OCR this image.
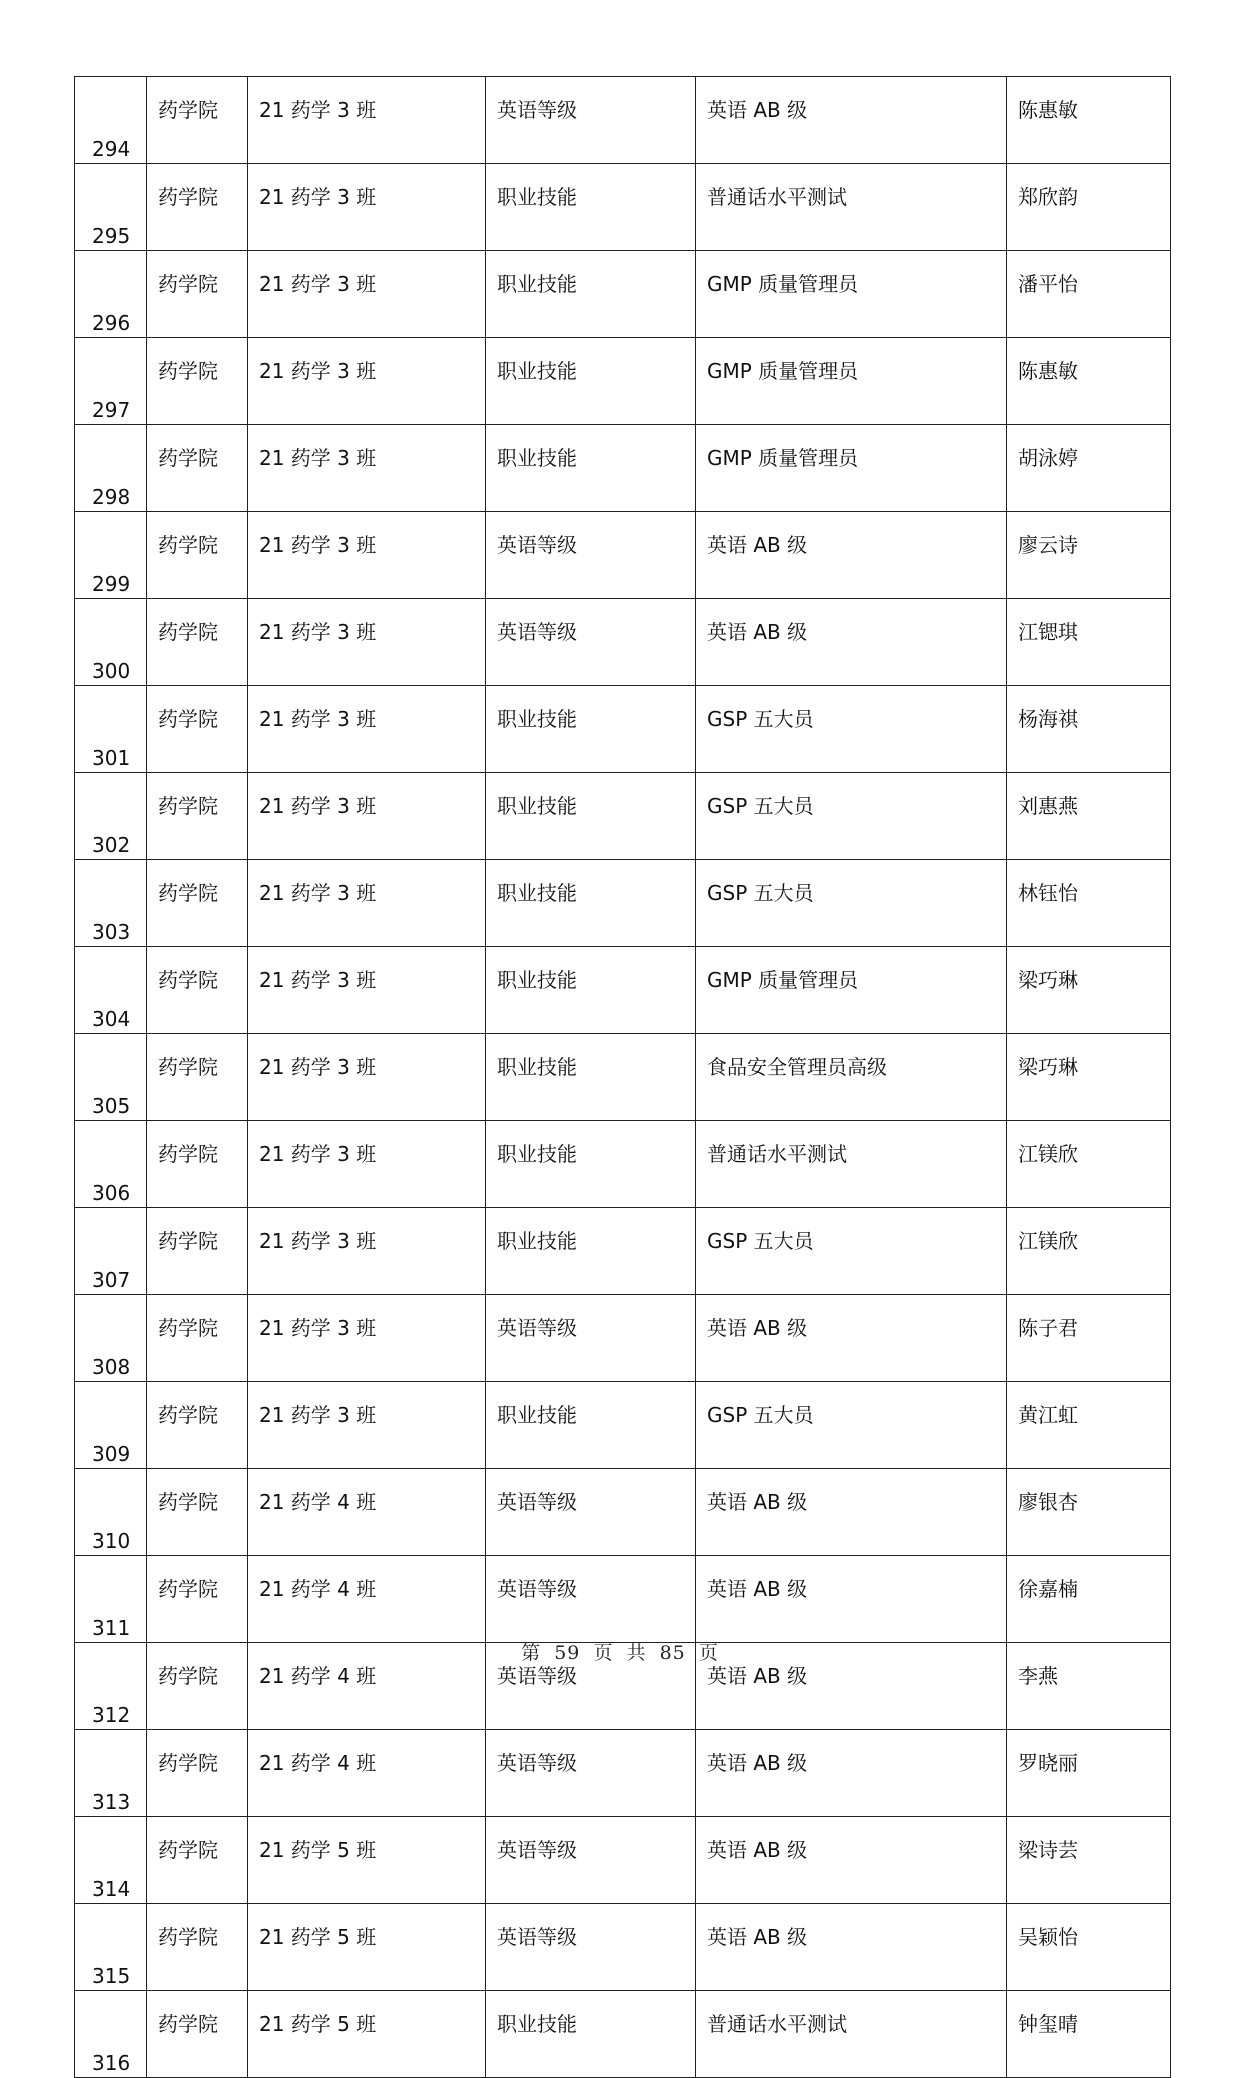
294	药学院	21 药学 3 班	英语等级	英语 AB 级	陈惠敏
295	药学院	21 药学 3 班	职业技能	普通话水平测试	郑欣韵
296	药学院	21 药学 3 班	职业技能	GMP 质量管理员	潘平怡
297	药学院	21 药学 3 班	职业技能	GMP 质量管理员	陈惠敏
298	药学院	21 药学 3 班	职业技能	GMP 质量管理员	胡泳婷
299	药学院	21 药学 3 班	英语等级	英语 AB 级	廖云诗
300	药学院	21 药学 3 班	英语等级	英语 AB 级	江锶琪
301	药学院	21 药学 3 班	职业技能	GSP 五大员	杨海祺
302	药学院	21 药学 3 班	职业技能	GSP 五大员	刘惠燕
303	药学院	21 药学 3 班	职业技能	GSP 五大员	林钰怡
304	药学院	21 药学 3 班	职业技能	GMP 质量管理员	梁巧琳
305	药学院	21 药学 3 班	职业技能	食品安全管理员高级	梁巧琳
306	药学院	21 药学 3 班	职业技能	普通话水平测试	江镁欣
307	药学院	21 药学 3 班	职业技能	GSP 五大员	江镁欣
308	药学院	21 药学 3 班	英语等级	英语 AB 级	陈子君
309	药学院	21 药学 3 班	职业技能	GSP 五大员	黄江虹
310	药学院	21 药学 4 班	英语等级	英语 AB 级	廖银杏
311	药学院	21 药学 4 班	英语等级	英语 AB 级	徐嘉楠
312	药学院	21 药学 4 班	英语等级	英语 AB 级	李燕
313	药学院	21 药学 4 班	英语等级	英语 AB 级	罗晓丽
314	药学院	21 药学 5 班	英语等级	英语 AB 级	梁诗芸
315	药学院	21 药学 5 班	英语等级	英语 AB 级	吴颖怡
316	药学院	21 药学 5 班	职业技能	普通话水平测试	钟玺晴
第 59 页 共 85 页
